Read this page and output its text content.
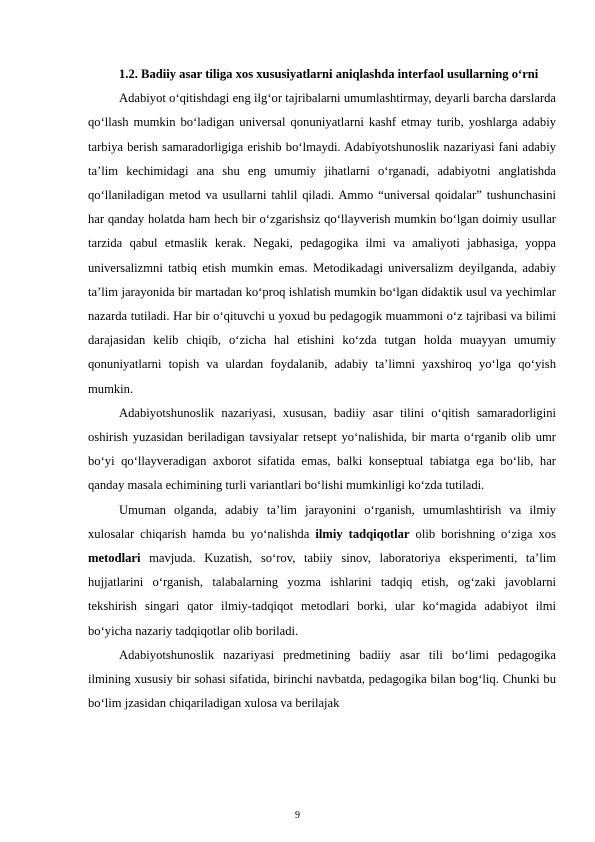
1.2. Badiiy asar tiliga xos xususiyatlarni aniqlashda interfaol usullarning o‘rni

Adabiyot o‘qitishdagi eng ilg‘or tajribalarni umumlashtirmay, deyarli barcha darslarda qo‘llash mumkin bo‘ladigan universal qonuniyatlarni kashf etmay turib, yoshlarga adabiy tarbiya berish samaradorligiga erishib bo‘lmaydi. Adabiyotshunoslik nazariyasi fani adabiy ta’lim kechimidagi ana shu eng umumiy jihatlarni o‘rganadi, adabiyotni anglatishda qo‘llaniladigan metod va usullarni tahlil qiladi. Ammo “universal qoidalar” tushunchasini har qanday holatda ham hech bir o‘zgarishsiz qo‘llayverish mumkin bo‘lgan doimiy usullar tarzida qabul etmaslik kerak. Negaki, pedagogika ilmi va amaliyoti jabhasiga, yoppa universalizmni tatbiq etish mumkin emas. Metodikadagi universalizm deyilganda, adabiy ta’lim jarayonida bir martadan ko‘proq ishlatish mumkin bo‘lgan didaktik usul va yechimlar nazarda tutiladi. Har bir o‘qituvchi u yoxud bu pedagogik muammoni o‘z tajribasi va bilimi darajasidan kelib chiqib, o‘zicha hal etishini ko‘zda tutgan holda muayyan umumiy qonuniyatlarni topish va ulardan foydalanib, adabiy ta’limni yaxshiroq yo‘lga qo‘yish mumkin.

Adabiyotshunoslik nazariyasi, xususan, badiiy asar tilini o‘qitish samaradorligini oshirish yuzasidan beriladigan tavsiyalar retsept yo‘nalishida, bir marta o‘rganib olib umr bo‘yi qo‘llayveradigan axborot sifatida emas, balki konseptual tabiatga ega bo‘lib, har qanday masala echimining turli variantlari bo‘lishi mumkinligi ko‘zda tutiladi.

Umuman olganda, adabiy ta’lim jarayonini o‘rganish, umumlashtirish va ilmiy xulosalar chiqarish hamda bu yo‘nalishda ilmiy tadqiqotlar olib borishning o‘ziga xos metodlari mavjuda. Kuzatish, so‘rov, tabiiy sinov, laboratoriya eksperimenti, ta’lim hujjatlarini o‘rganish, talabalarning yozma ishlarini tadqiq etish, og‘zaki javoblarni tekshirish singari qator ilmiy-tadqiqot metodlari borki, ular ko‘magida adabiyot ilmi bo‘yicha nazariy tadqiqotlar olib boriladi.

Adabiyotshunoslik nazariyasi predmetining badiiy asar tili bo‘limi pedagogika ilmining xususiy bir sohasi sifatida, birinchi navbatda, pedagogika bilan bog‘liq. Chunki bu bo‘lim jzasidan chiqariladigan xulosa va berilajak

9
